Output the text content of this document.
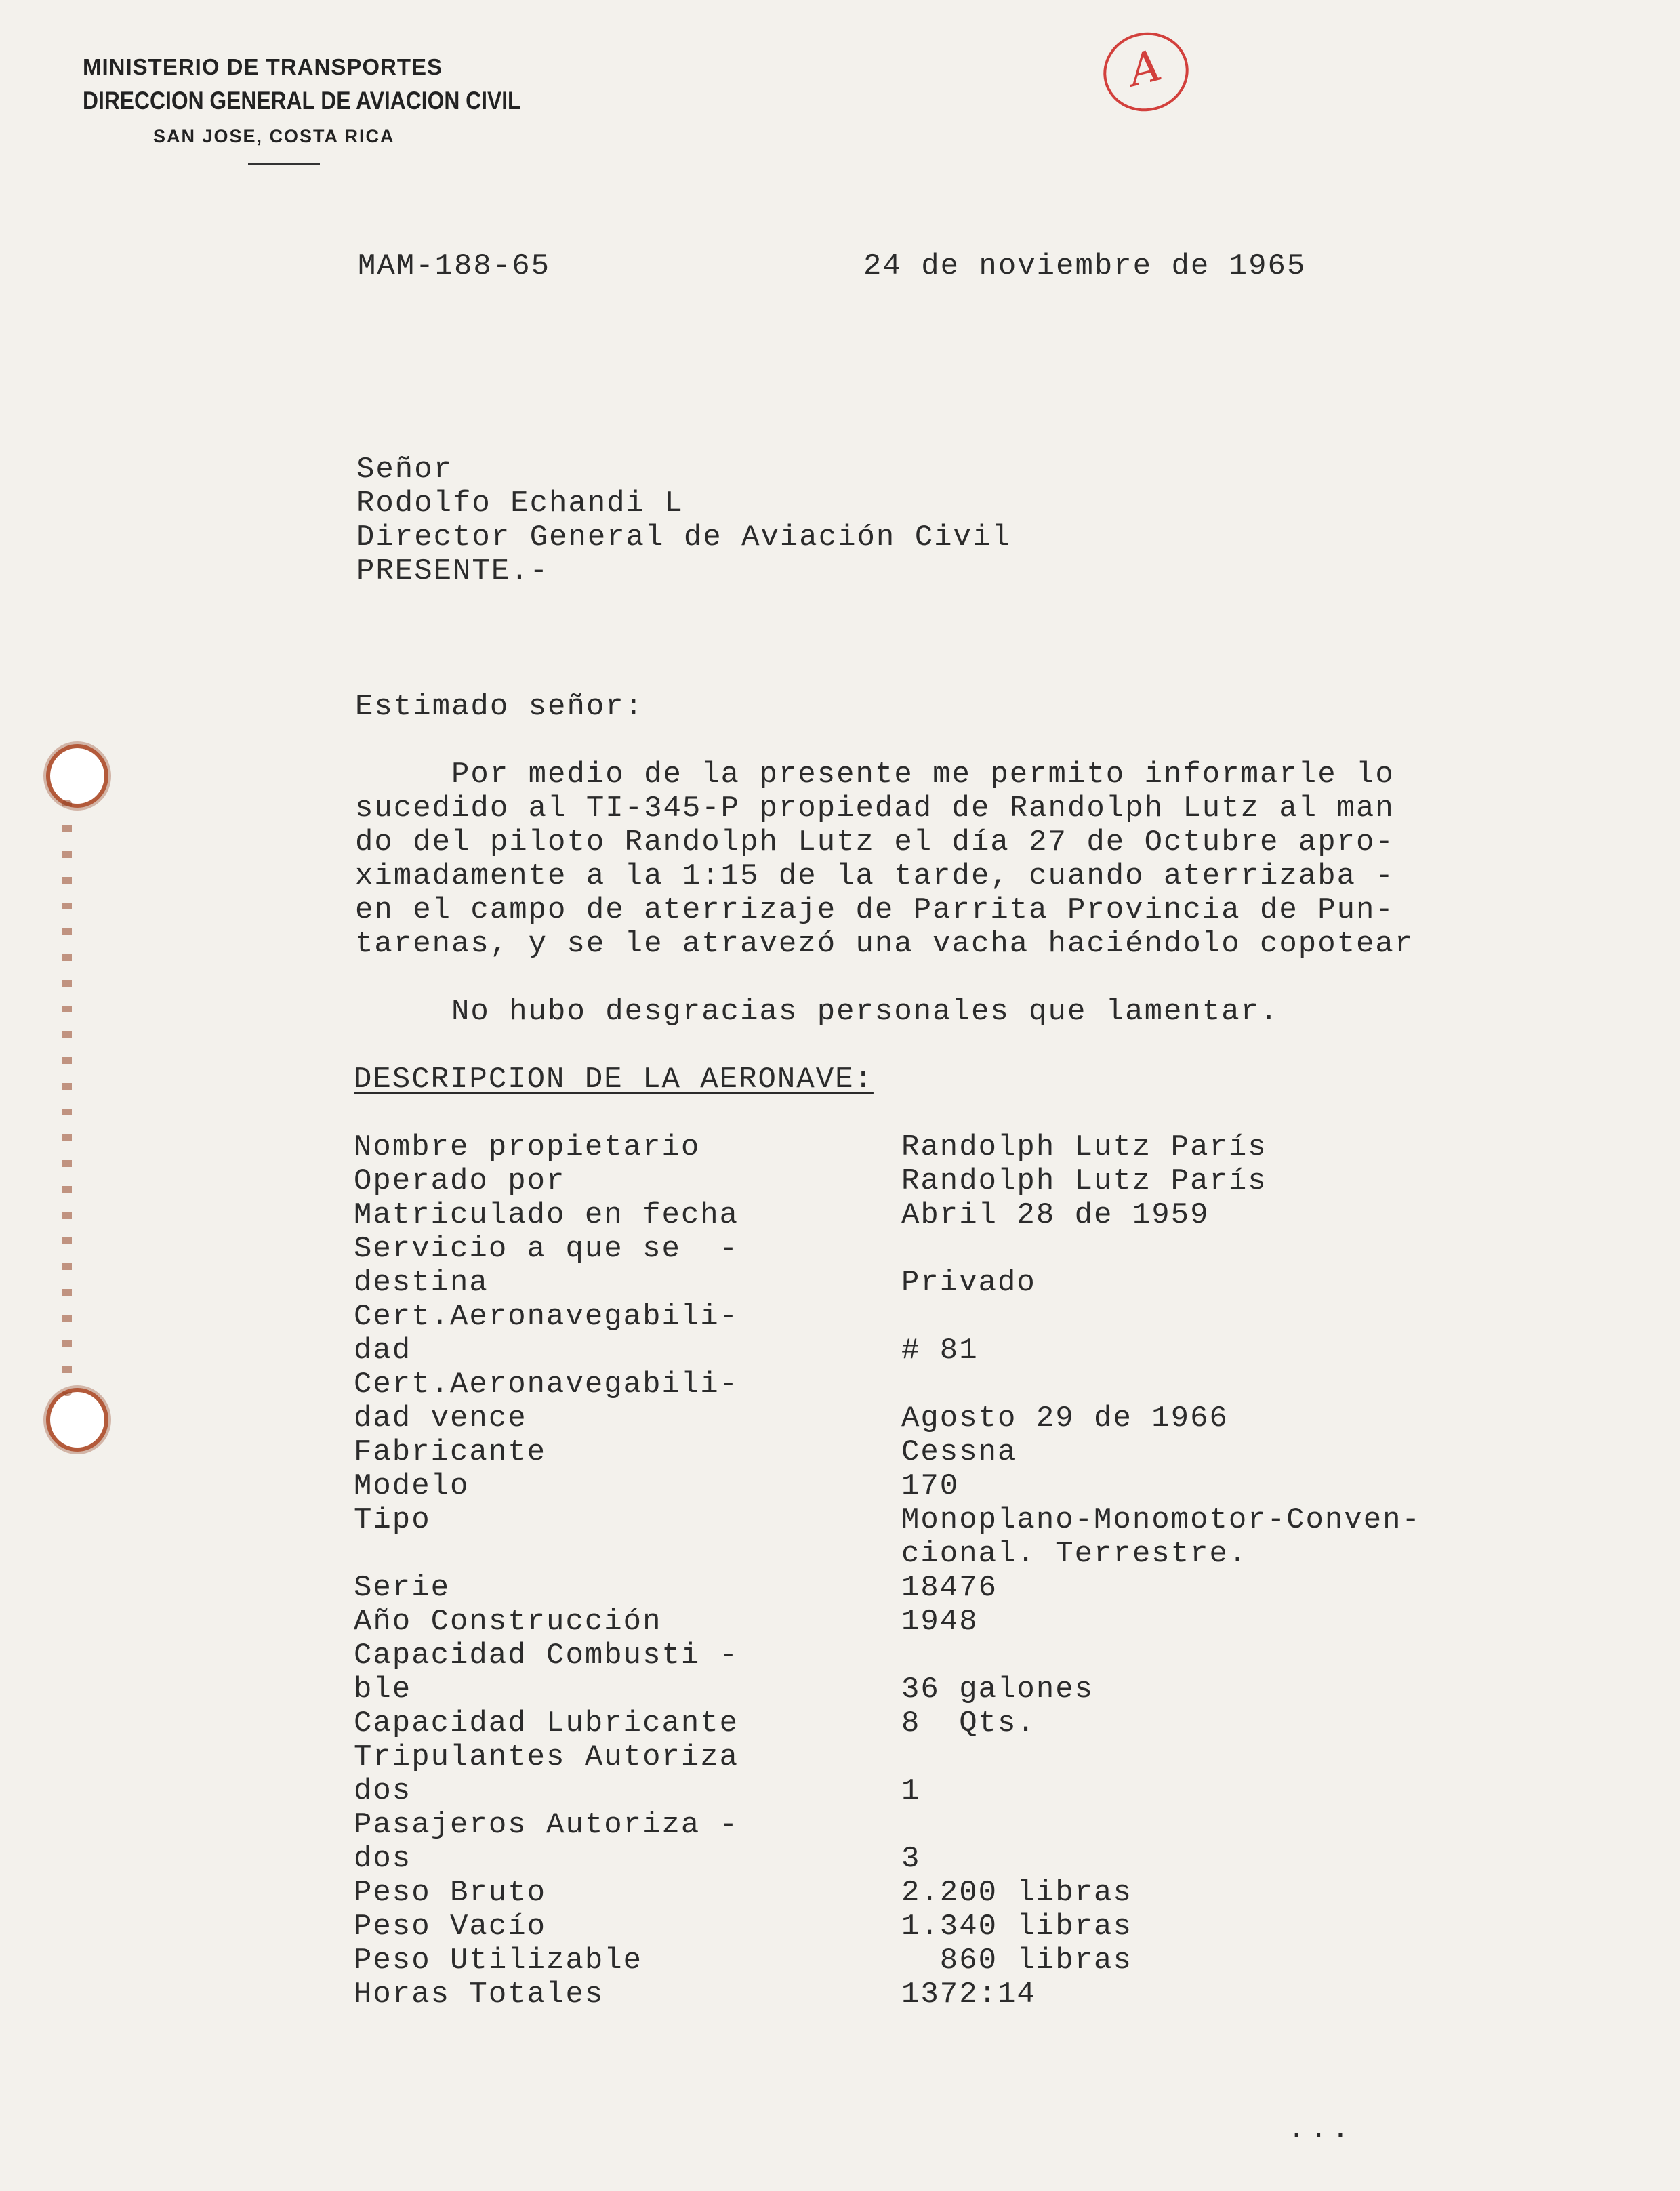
MINISTERIO DE TRANSPORTES
DIRECCION GENERAL DE AVIACION CIVIL
SAN JOSE, COSTA RICA
A
MAM-188-65	24 de noviembre de 1965
Señor
Rodolfo Echandi L
Director General de Aviación Civil
PRESENTE.-
Estimado señor:
Por medio de la presente me permito informarle lo
sucedido al TI-345-P propiedad de Randolph Lutz al man
do del piloto Randolph Lutz el día 27 de Octubre apro-
ximadamente a la 1:15 de la tarde, cuando aterrizaba -
en el campo de aterrizaje de Parrita Provincia de Pun-
tarenas, y se le atravezó una vacha haciéndolo copotear
No hubo desgracias personales que lamentar.
DESCRIPCION DE LA AERONAVE:
Nombre propietario
Operado por
Matriculado en fecha
Servicio a que se  -
destina
Cert.Aeronavegabili-
dad
Cert.Aeronavegabili-
dad vence
Fabricante
Modelo
Tipo
Serie
Año Construcción
Capacidad Combusti -
ble
Capacidad Lubricante
Tripulantes Autoriza
dos
Pasajeros Autoriza -
dos
Peso Bruto
Peso Vacío
Peso Utilizable
Horas Totales
Randolph Lutz París
Randolph Lutz París
Abril 28 de 1959
Privado
# 81
Agosto 29 de 1966
Cessna
170
Monoplano-Monomotor-Conven-
cional. Terrestre.
18476
1948
36 galones
8  Qts.
1
3
2.200 libras
1.340 libras
860 libras
1372:14
...
